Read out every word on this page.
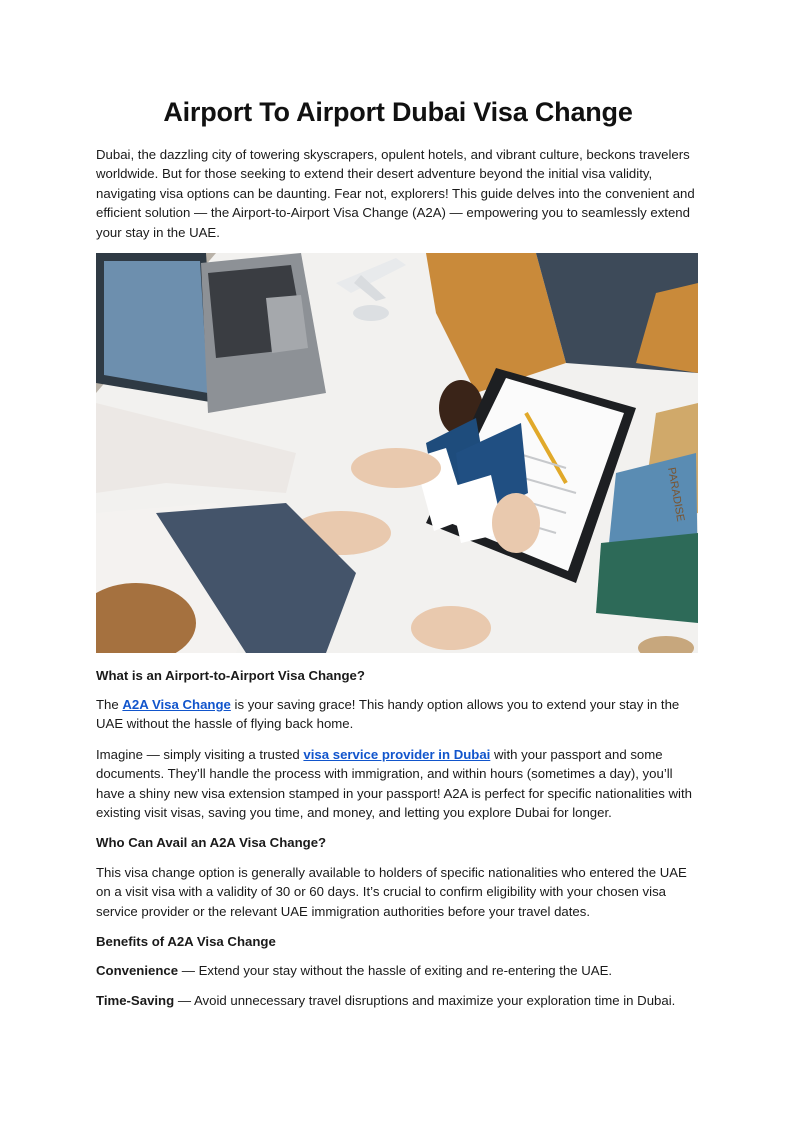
Airport To Airport Dubai Visa Change

Dubai, the dazzling city of towering skyscrapers, opulent hotels, and vibrant culture, beckons travelers worldwide. But for those seeking to extend their desert adventure beyond the initial visa validity, navigating visa options can be daunting. Fear not, explorers! This guide delves into the convenient and efficient solution — the Airport-to-Airport Visa Change (A2A) — empowering you to seamlessly extend your stay in the UAE.

PARADISE

What is an Airport-to-Airport Visa Change?

The A2A Visa Change is your saving grace! This handy option allows you to extend your stay in the UAE without the hassle of flying back home.

Imagine — simply visiting a trusted visa service provider in Dubai with your passport and some documents. They’ll handle the process with immigration, and within hours (sometimes a day), you’ll have a shiny new visa extension stamped in your passport! A2A is perfect for specific nationalities with existing visit visas, saving you time, and money, and letting you explore Dubai for longer.

Who Can Avail an A2A Visa Change?

This visa change option is generally available to holders of specific nationalities who entered the UAE on a visit visa with a validity of 30 or 60 days. It’s crucial to confirm eligibility with your chosen visa service provider or the relevant UAE immigration authorities before your travel dates.

Benefits of A2A Visa Change

Convenience — Extend your stay without the hassle of exiting and re-entering the UAE.

Time-Saving — Avoid unnecessary travel disruptions and maximize your exploration time in Dubai.
